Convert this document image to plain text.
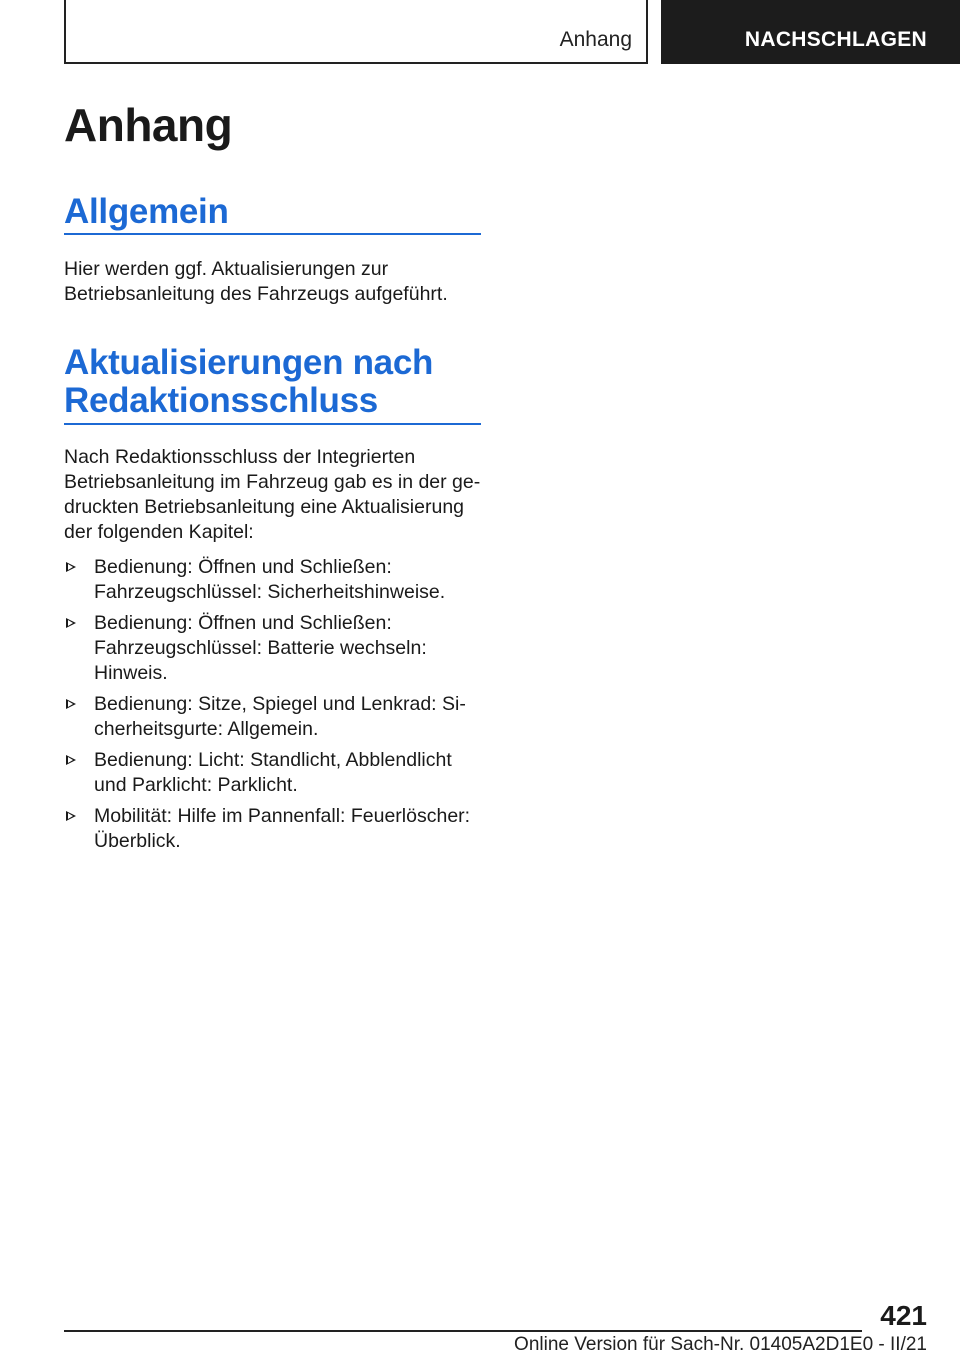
Anhang	NACHSCHLAGEN
Anhang
Allgemein

Hier werden ggf. Aktualisierungen zur Betriebsanleitung des Fahrzeugs aufgeführt.

Aktualisierungen nach Redaktionsschluss

Nach Redaktionsschluss der Integrierten Betriebsanleitung im Fahrzeug gab es in der gedruckten Betriebsanleitung eine Aktualisierung der folgenden Kapitel:

Bedienung: Öffnen und Schließen: Fahrzeugschlüssel: Sicherheitshinweise.
Bedienung: Öffnen und Schließen: Fahrzeugschlüssel: Batterie wechseln: Hinweis.
Bedienung: Sitze, Spiegel und Lenkrad: Sicherheitsgurte: Allgemein.
Bedienung: Licht: Standlicht, Abblendlicht und Parklicht: Parklicht.
Mobilität: Hilfe im Pannenfall: Feuerlöscher: Überblick.
421
Online Version für Sach-Nr. 01405A2D1E0 - II/21
